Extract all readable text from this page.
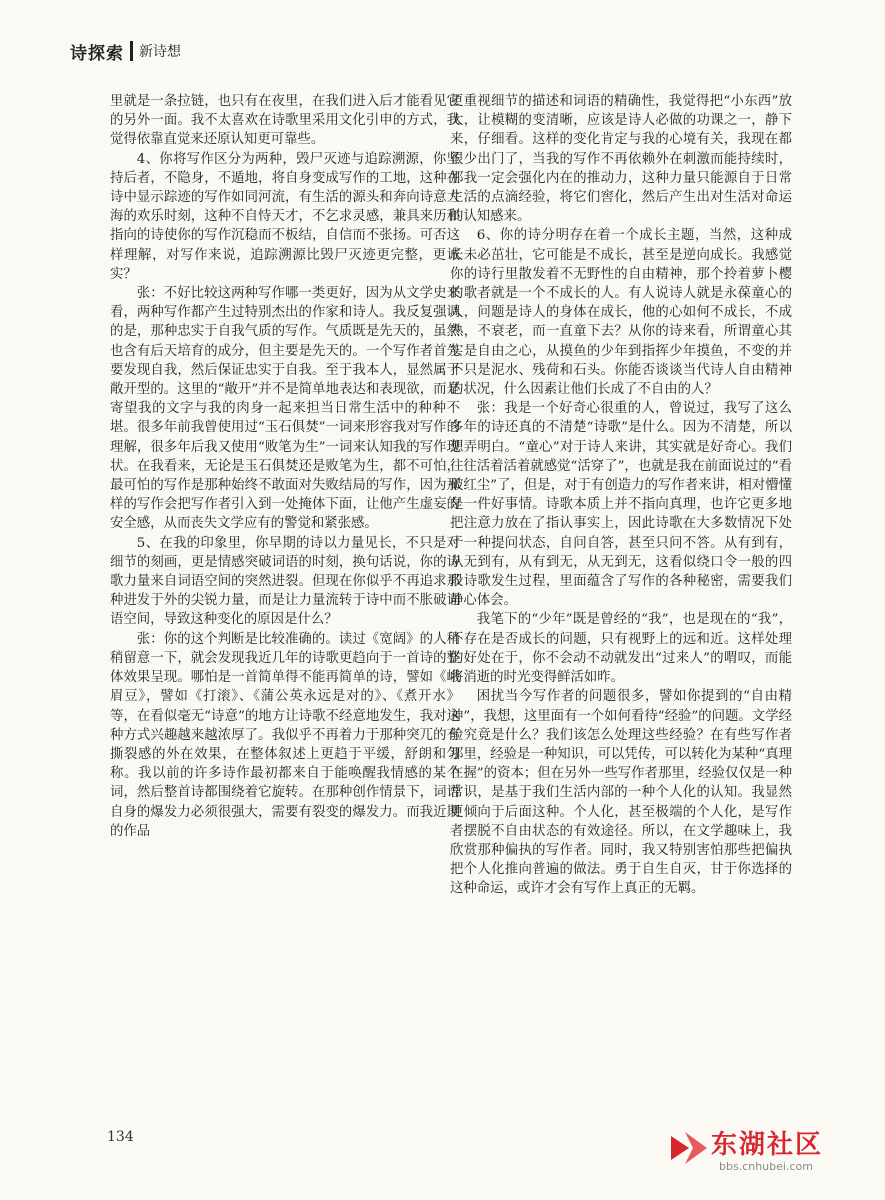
诗探索 新诗想

里就是一条拉链，也只有在夜里，在我们进入后才能看见它的另外一面。我不太喜欢在诗歌里采用文化引申的方式，我觉得依靠直觉来还原认知更可靠些。

4、你将写作区分为两种，毁尸灭迹与追踪溯源，你坚持后者，不隐身，不遁地，将自身变成写作的工地，这种在诗中显示踪迹的写作如同河流，有生活的源头和奔向诗意大海的欢乐时刻，这种不自恃天才，不乞求灵感，兼具来历和指向的诗使你的写作沉稳而不板结，自信而不张扬。可否这样理解，对写作来说，追踪溯源比毁尸灭迹更完整，更诚实？

张：不好比较这两种写作哪一类更好，因为从文学史来看，两种写作都产生过特别杰出的作家和诗人。我反复强调的是，那种忠实于自我气质的写作。气质既是先天的，虽然也含有后天培育的成分，但主要是先天的。一个写作者首先要发现自我，然后保证忠实于自我。至于我本人，显然属于敞开型的。这里的“敞开”并不是简单地表达和表现欲，而是寄望我的文字与我的肉身一起来担当日常生活中的种种不堪。很多年前我曾使用过“玉石俱焚”一词来形容我对写作的理解，很多年后我又使用“败笔为生”一词来认知我的写作现状。在我看来，无论是玉石俱焚还是败笔为生，都不可怕，最可怕的写作是那种始终不敢面对失败结局的写作，因为那样的写作会把写作者引入到一处掩体下面，让他产生虚妄的安全感，从而丧失文学应有的警觉和紧张感。

5、在我的印象里，你早期的诗以力量见长，不只是对细节的刻画，更是情感突破词语的时刻，换句话说，你的诗歌力量来自词语空间的突然进裂。但现在你似乎不再追求那种进发于外的尖锐力量，而是让力量流转于诗中而不胀破词语空间，导致这种变化的原因是什么？

张：你的这个判断是比较准确的。读过《宽阔》的人稍稍留意一下，就会发现我近几年的诗歌更趋向于一首诗的整体效果呈现。哪怕是一首简单得不能再简单的诗，譬如《峨眉豆》，譬如《打滚》、《蒲公英永远是对的》、《煮开水》等，在看似毫无“诗意”的地方让诗歌不经意地发生，我对这种方式兴趣越来越浓厚了。我似乎不再着力于那种突兀的有撕裂感的外在效果，在整体叙述上更趋于平缓，舒朗和匀称。我以前的许多诗作最初都来自于能唤醒我情感的某个词，然后整首诗都围绕着它旋转。在那种创作情景下，词语自身的爆发力必须很强大，需要有裂变的爆发力。而我近期的作品

更重视细节的描述和词语的精确性，我觉得把“小东西”放大，让模糊的变清晰，应该是诗人必做的功课之一，静下来，仔细看。这样的变化肯定与我的心境有关，我现在都很少出门了，当我的写作不再依赖外在刺激而能持续时，那我一定会强化内在的推动力，这种力量只能源自于日常生活的点滴经验，将它们窖化，然后产生出对生活对命运的认知感来。

6、你的诗分明存在着一个成长主题，当然，这种成长未必茁壮，它可能是不成长，甚至是逆向成长。我感觉你的诗行里散发着不无野性的自由精神，那个拎着萝卜樱的歌者就是一个不成长的人。有人说诗人就是永葆童心的人，问题是诗人的身体在成长，他的心如何不成长，不成熟，不衰老，而一直童下去？从你的诗来看，所谓童心其实是自由之心，从摸鱼的少年到指挥少年摸鱼，不变的并不只是泥水、残荷和石头。你能否谈谈当代诗人自由精神的状况，什么因素让他们长成了不自由的人？

张：我是一个好奇心很重的人，曾说过，我写了这么多年的诗还真的不清楚“诗歌”是什么。因为不清楚，所以想弄明白。“童心”对于诗人来讲，其实就是好奇心。我们往往活着活着就感觉“活穿了”，也就是我在前面说过的“看破红尘”了，但是，对于有创造力的写作者来讲，相对懵懂是一件好事情。诗歌本质上并不指向真理，也许它更多地把注意力放在了指认事实上，因此诗歌在大多数情况下处于一种提问状态，自问自答，甚至只问不答。从有到有，从无到有，从有到无，从无到无，这看似绕口令一般的四段诗歌发生过程，里面蕴含了写作的各种秘密，需要我们静心体会。

我笔下的“少年”既是曾经的“我”，也是现在的“我”，不存在是否成长的问题，只有视野上的远和近。这样处理的好处在于，你不会动不动就发出“过来人”的喟叹，而能将消逝的时光变得鲜活如昨。

困扰当今写作者的问题很多，譬如你提到的“自由精神”，我想，这里面有一个如何看待“经验”的问题。文学经验究竟是什么？我们该怎么处理这些经验？在有些写作者那里，经验是一种知识，可以凭传，可以转化为某种“真理在握”的资本；但在另外一些写作者那里，经验仅仅是一种常识，是基于我们生活内部的一种个人化的认知。我显然更倾向于后面这种。个人化，甚至极端的个人化，是写作者摆脱不自由状态的有效途径。所以，在文学趣味上，我欣赏那种偏执的写作者。同时，我又特别害怕那些把偏执把个人化推向普遍的做法。勇于自生自灭，甘于你选择的这种命运，或许才会有写作上真正的无羁。

134	东湖社区
bbs.cnhubei.com
